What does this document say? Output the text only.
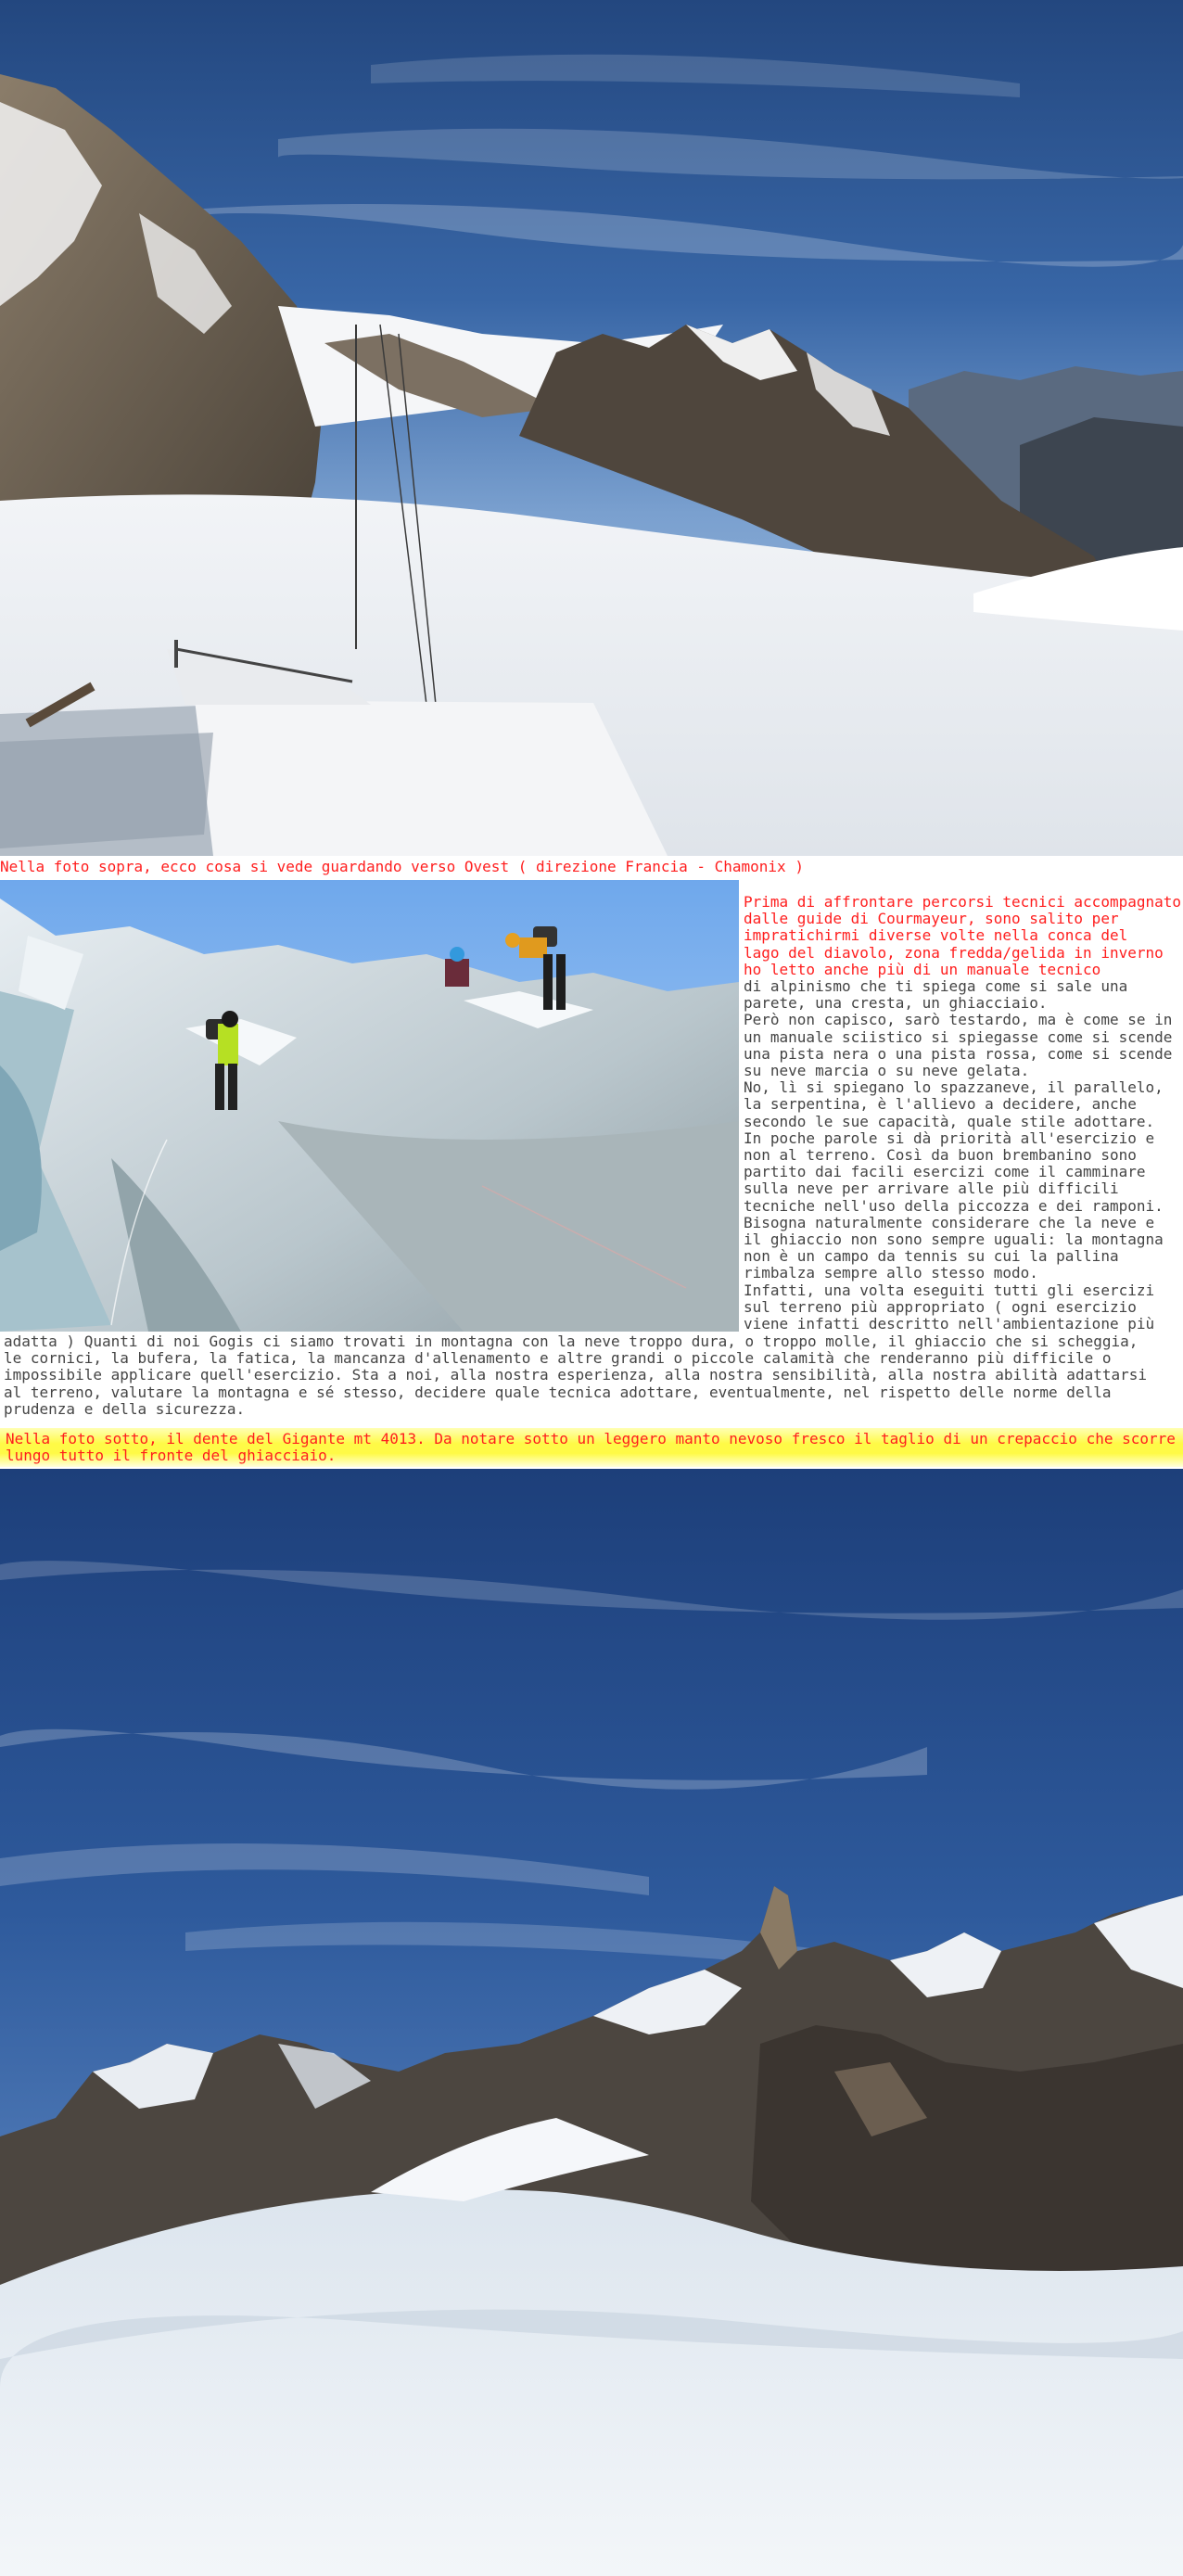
Nella foto sopra, ecco cosa si vede guardando verso Ovest ( direzione Francia - Chamonix )

Prima di affrontare percorsi tecnici accompagnato
dalle guide di Courmayeur, sono salito per
impratichirmi diverse volte nella conca del
lago del diavolo, zona fredda/gelida in inverno
ho letto anche più di un manuale tecnico

di alpinismo che ti spiega come si sale una
parete, una cresta, un ghiacciaio.
Però non capisco, sarò testardo, ma è come se in
un manuale sciistico si spiegasse come si scende
una pista nera o una pista rossa, come si scende
su neve marcia o su neve gelata.
No, lì si spiegano lo spazzaneve, il parallelo,
la serpentina, è l'allievo a decidere, anche
secondo le sue capacità, quale stile adottare.
In poche parole si dà priorità all'esercizio e
non al terreno. Così da buon brembanino sono
partito dai facili esercizi come il camminare
sulla neve per arrivare alle più difficili
tecniche nell'uso della piccozza e dei ramponi.
Bisogna naturalmente considerare che la neve e
il ghiaccio non sono sempre uguali: la montagna
non è un campo da tennis su cui la pallina
rimbalza sempre allo stesso modo.
Infatti, una volta eseguiti tutti gli esercizi
sul terreno più appropriato ( ogni esercizio
viene infatti descritto nell'ambientazione più

adatta ) Quanti di noi Gogis ci siamo trovati in montagna con la neve troppo dura, o troppo molle, il ghiaccio che si scheggia,
le cornici, la bufera, la fatica, la mancanza d'allenamento e altre grandi o piccole calamità che renderanno più difficile o
impossibile applicare quell'esercizio. Sta a noi, alla nostra esperienza, alla nostra sensibilità, alla nostra abilità adattarsi
al terreno, valutare la montagna e sé stesso, decidere quale tecnica adottare, eventualmente, nel rispetto delle norme della
prudenza e della sicurezza.
Nella foto sotto, il dente del Gigante mt 4013. Da notare sotto un leggero manto nevoso fresco il taglio di un crepaccio che scorre lungo tutto il fronte del ghiacciaio.
